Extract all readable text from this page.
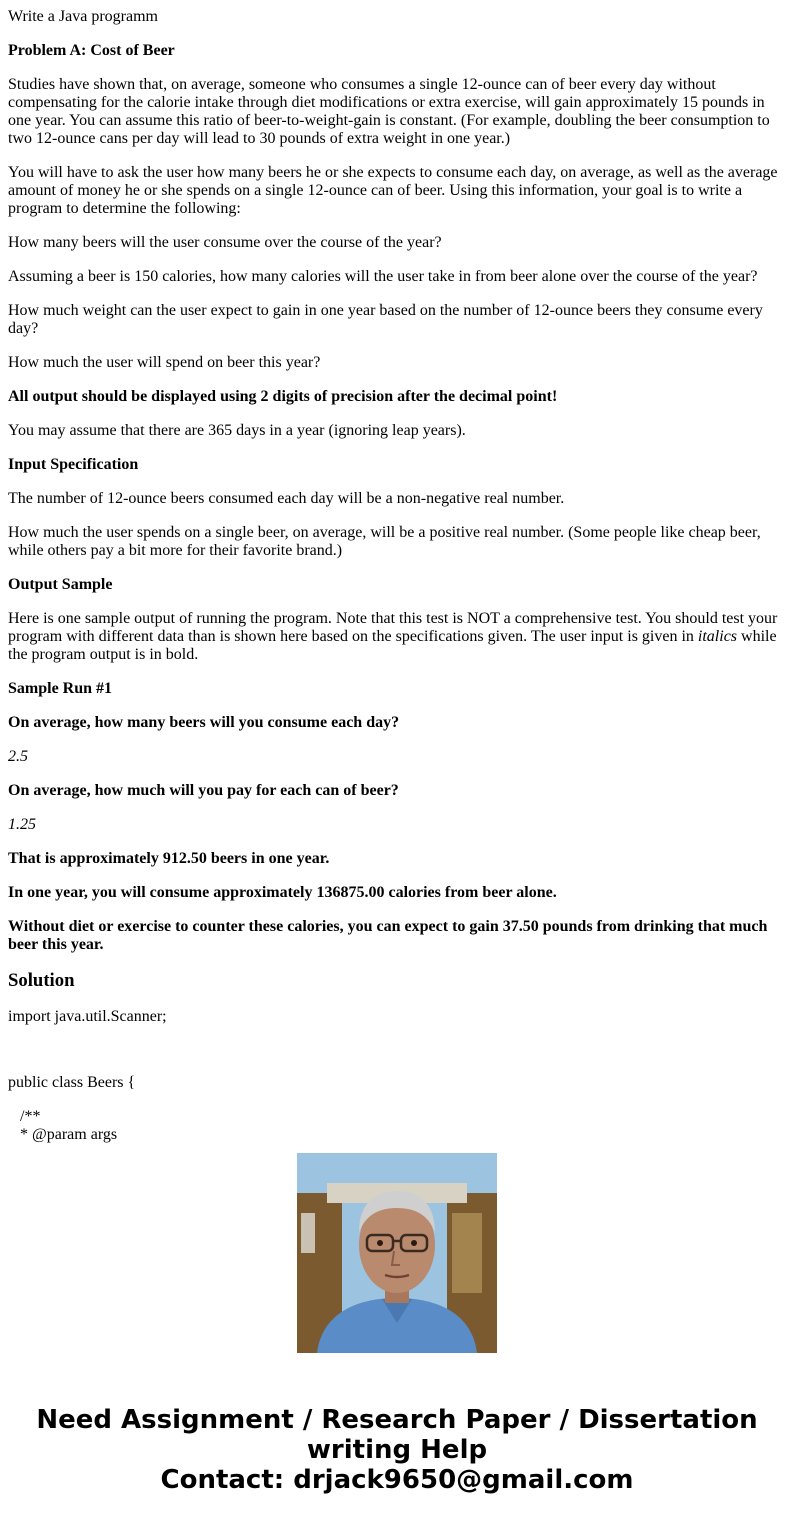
Write a Java programm

Problem A: Cost of Beer

Studies have shown that, on average, someone who consumes a single 12-ounce can of beer every day without compensating for the calorie intake through diet modifications or extra exercise, will gain approximately 15 pounds in one year. You can assume this ratio of beer-to-weight-gain is constant. (For example, doubling the beer consumption to two 12-ounce cans per day will lead to 30 pounds of extra weight in one year.)

You will have to ask the user how many beers he or she expects to consume each day, on average, as well as the average amount of money he or she spends on a single 12-ounce can of beer. Using this information, your goal is to write a program to determine the following:

How many beers will the user consume over the course of the year?

Assuming a beer is 150 calories, how many calories will the user take in from beer alone over the course of the year?

How much weight can the user expect to gain in one year based on the number of 12-ounce beers they consume every day?

How much the user will spend on beer this year?

All output should be displayed using 2 digits of precision after the decimal point!

You may assume that there are 365 days in a year (ignoring leap years).

Input Specification

The number of 12-ounce beers consumed each day will be a non-negative real number.

How much the user spends on a single beer, on average, will be a positive real number. (Some people like cheap beer, while others pay a bit more for their favorite brand.)

Output Sample

Here is one sample output of running the program. Note that this test is NOT a comprehensive test. You should test your program with different data than is shown here based on the specifications given. The user input is given in italics while the program output is in bold.

Sample Run #1

On average, how many beers will you consume each day?

2.5

On average, how much will you pay for each can of beer?

1.25

That is approximately 912.50 beers in one year.

In one year, you will consume approximately 136875.00 calories from beer alone.

Without diet or exercise to counter these calories, you can expect to gain 37.50 pounds from drinking that much beer this year.

Solution

import java.util.Scanner;

public class Beers {

/**
* @param args
Need Assignment / Research Paper / Dissertation
writing Help
Contact: drjack9650@gmail.com
